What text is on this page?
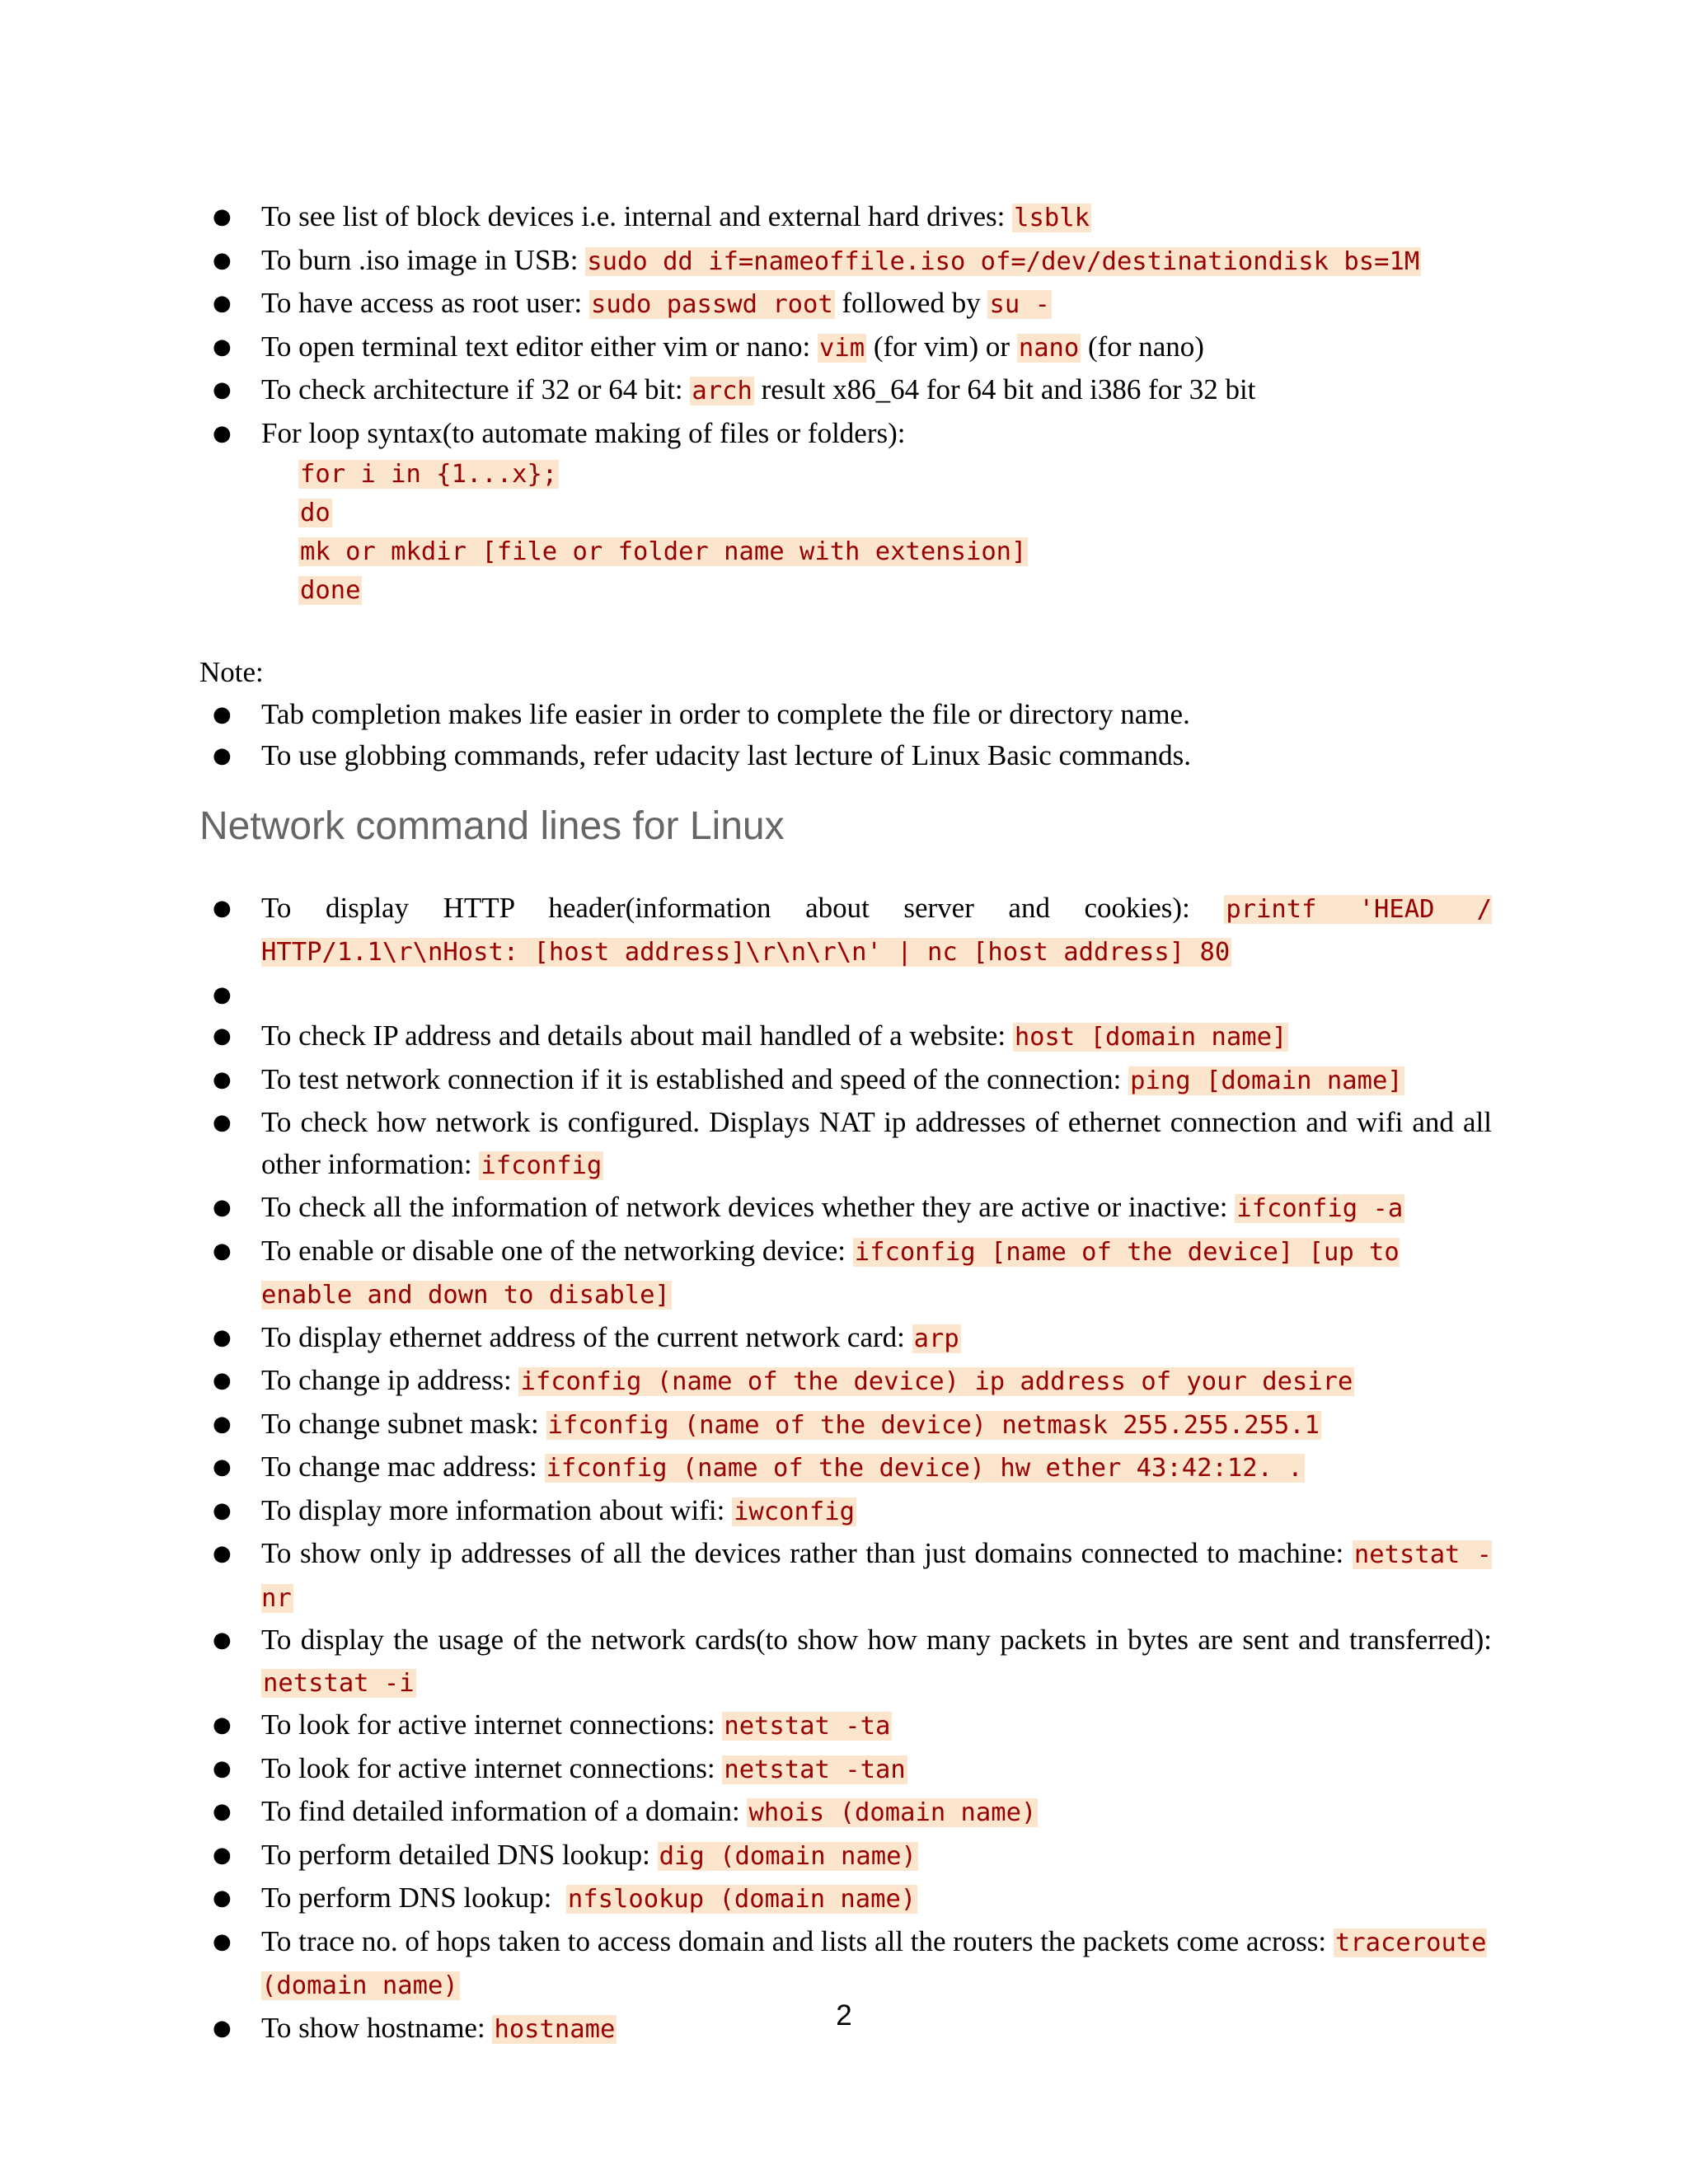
● To see list of block devices i.e. internal and external hard drives: lsblk
● To burn .iso image in USB: sudo dd if=nameoffile.iso of=/dev/destinationdisk bs=1M
● To have access as root user: sudo passwd root followed by su -
● To open terminal text editor either vim or nano: vim (for vim) or nano (for nano)
● To check architecture if 32 or 64 bit: arch result x86_64 for 64 bit and i386 for 32 bit
● For loop syntax(to automate making of files or folders):
for i in {1...x};
do
mk or mkdir [file or folder name with extension]
done
Note:
● Tab completion makes life easier in order to complete the file or directory name.
● To use globbing commands, refer udacity last lecture of Linux Basic commands.
Network command lines for Linux
● To display HTTP header(information about server and cookies): printf 'HEAD / HTTP/1.1\r\nHost: [host address]\r\n\r\n' | nc [host address] 80
●

● To check IP address and details about mail handled of a website: host [domain name]
● To test network connection if it is established and speed of the connection: ping [domain name]
● To check how network is configured. Displays NAT ip addresses of ethernet connection and wifi and all other information: ifconfig
● To check all the information of network devices whether they are active or inactive: ifconfig -a
● To enable or disable one of the networking device: ifconfig [name of the device] [up to enable and down to disable]
● To display ethernet address of the current network card: arp
● To change ip address: ifconfig (name of the device) ip address of your desire
● To change subnet mask: ifconfig (name of the device) netmask 255.255.255.1
● To change mac address: ifconfig (name of the device) hw ether 43:42:12. .
● To display more information about wifi: iwconfig
● To show only ip addresses of all the devices rather than just domains connected to machine: netstat -nr
● To display the usage of the network cards(to show how many packets in bytes are sent and transferred): netstat -i
● To look for active internet connections: netstat -ta
● To look for active internet connections: netstat -tan
● To find detailed information of a domain: whois (domain name)
● To perform detailed DNS lookup: dig (domain name)
● To perform DNS lookup:  nfslookup (domain name)
● To trace no. of hops taken to access domain and lists all the routers the packets come across: traceroute (domain name)
● To show hostname: hostname	2
